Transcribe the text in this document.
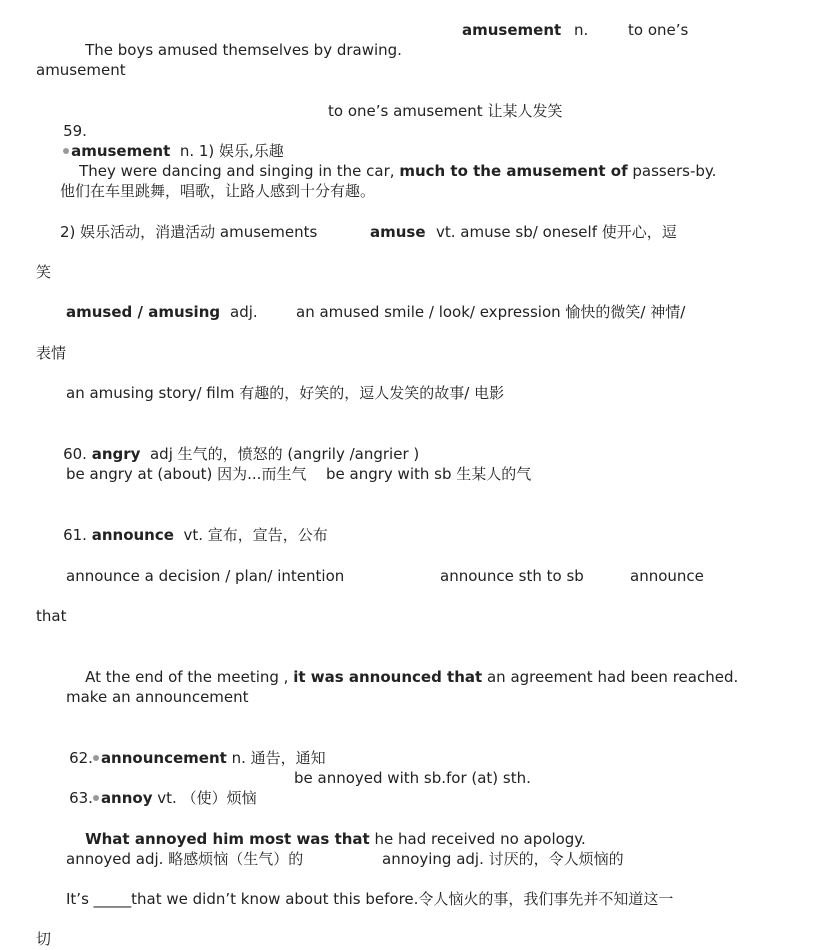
The boys amused themselves by drawing.

amusement n.	to one’s
amusement

59.
amusement n. 1) 娱乐,乐趣

to one’s amusement 让某人发笑

They were dancing and singing in the car, much to the amusement of passers-by.

他们在车里跳舞，唱歌，让路人感到十分有趣。
2) 娱乐活动，消遣活动 amusements	amuse vt. amuse sb/ oneself 使开心，逗
笑
amused / amusing adj.	an amused smile / look/ expression 愉快的微笑/ 神情/
表情
an amusing story/ film 有趣的，好笑的，逗人发笑的故事/ 电影

60. angry adj 生气的，愤怒的 (angrily /angrier )

be angry at (about) 因为...而生气 be angry with sb 生某人的气

61. announce vt. 宣布，宣告，公布

announce a decision / plan/ intention	announce sth to sb	announce
that

At the end of the meeting , it was announced that an agreement had been reached.

make an announcement

62. announcement n. 通告，通知

63. annoy vt. （使）烦恼

be annoyed with sb.for (at) sth.

What annoyed him most was that he had received no apology.

annoyed adj. 略感烦恼（生气）的	annoying adj. 讨厌的，令人烦恼的
It’s _____that we didn’t know about this before.令人恼火的事，我们事先并不知道这一
切
